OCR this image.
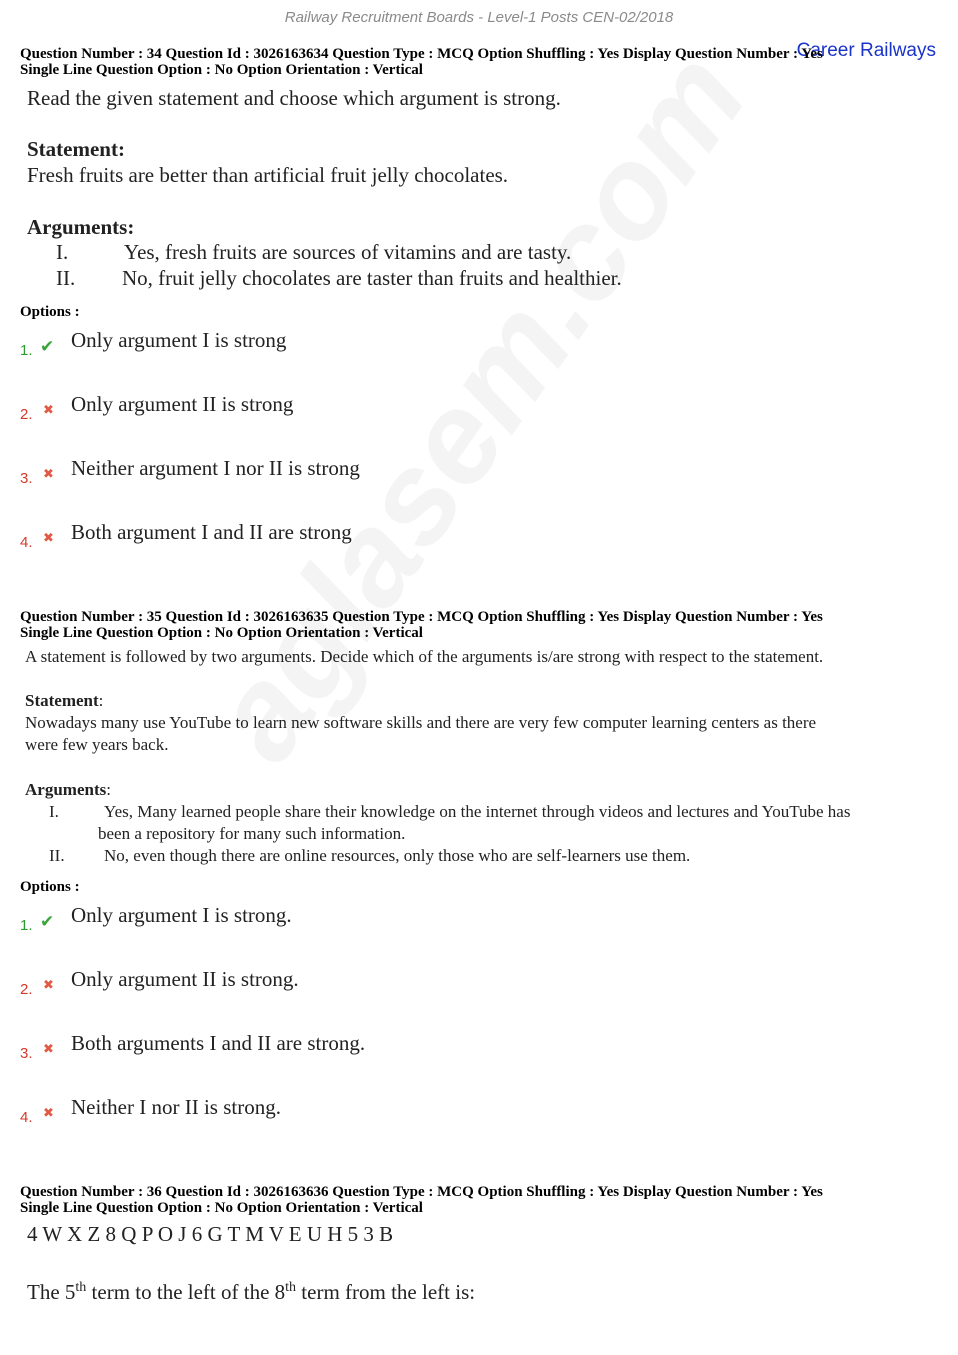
Railway Recruitment Boards - Level-1 Posts CEN-02/2018
Career Railways
Question Number : 34 Question Id : 3026163634 Question Type : MCQ Option Shuffling : Yes Display Question Number : Yes
Single Line Question Option : No Option Orientation : Vertical
Read the given statement and choose which argument is strong.
Statement:
Fresh fruits are better than artificial fruit jelly chocolates.
Arguments:
I.	Yes, fresh fruits are sources of vitamins and are tasty.
II. No, fruit jelly chocolates are taster than fruits and healthier.
Options :
1. ✔ Only argument I is strong
2. ✖ Only argument II is strong
3. ✖ Neither argument I nor II is strong
4. ✖ Both argument I and II are strong
Question Number : 35 Question Id : 3026163635 Question Type : MCQ Option Shuffling : Yes Display Question Number : Yes
Single Line Question Option : No Option Orientation : Vertical
A statement is followed by two arguments. Decide which of the arguments is/are strong with respect to the statement.
Statement:
Nowadays many use YouTube to learn new software skills and there are very few computer learning centers as there
were few years back.
Arguments:
I.	Yes, Many learned people share their knowledge on the internet through videos and lectures and YouTube has
been a repository for many such information.
II. No, even though there are online resources, only those who are self-learners use them.
Options :
1. ✔ Only argument I is strong.
2. ✖ Only argument II is strong.
3. ✖ Both arguments I and II are strong.
4. ✖ Neither I nor II is strong.
Question Number : 36 Question Id : 3026163636 Question Type : MCQ Option Shuffling : Yes Display Question Number : Yes
Single Line Question Option : No Option Orientation : Vertical
4 W X Z 8 Q P O J 6 G T M V E U H 5 3 B
The 5th term to the left of the 8th term from the left is:
